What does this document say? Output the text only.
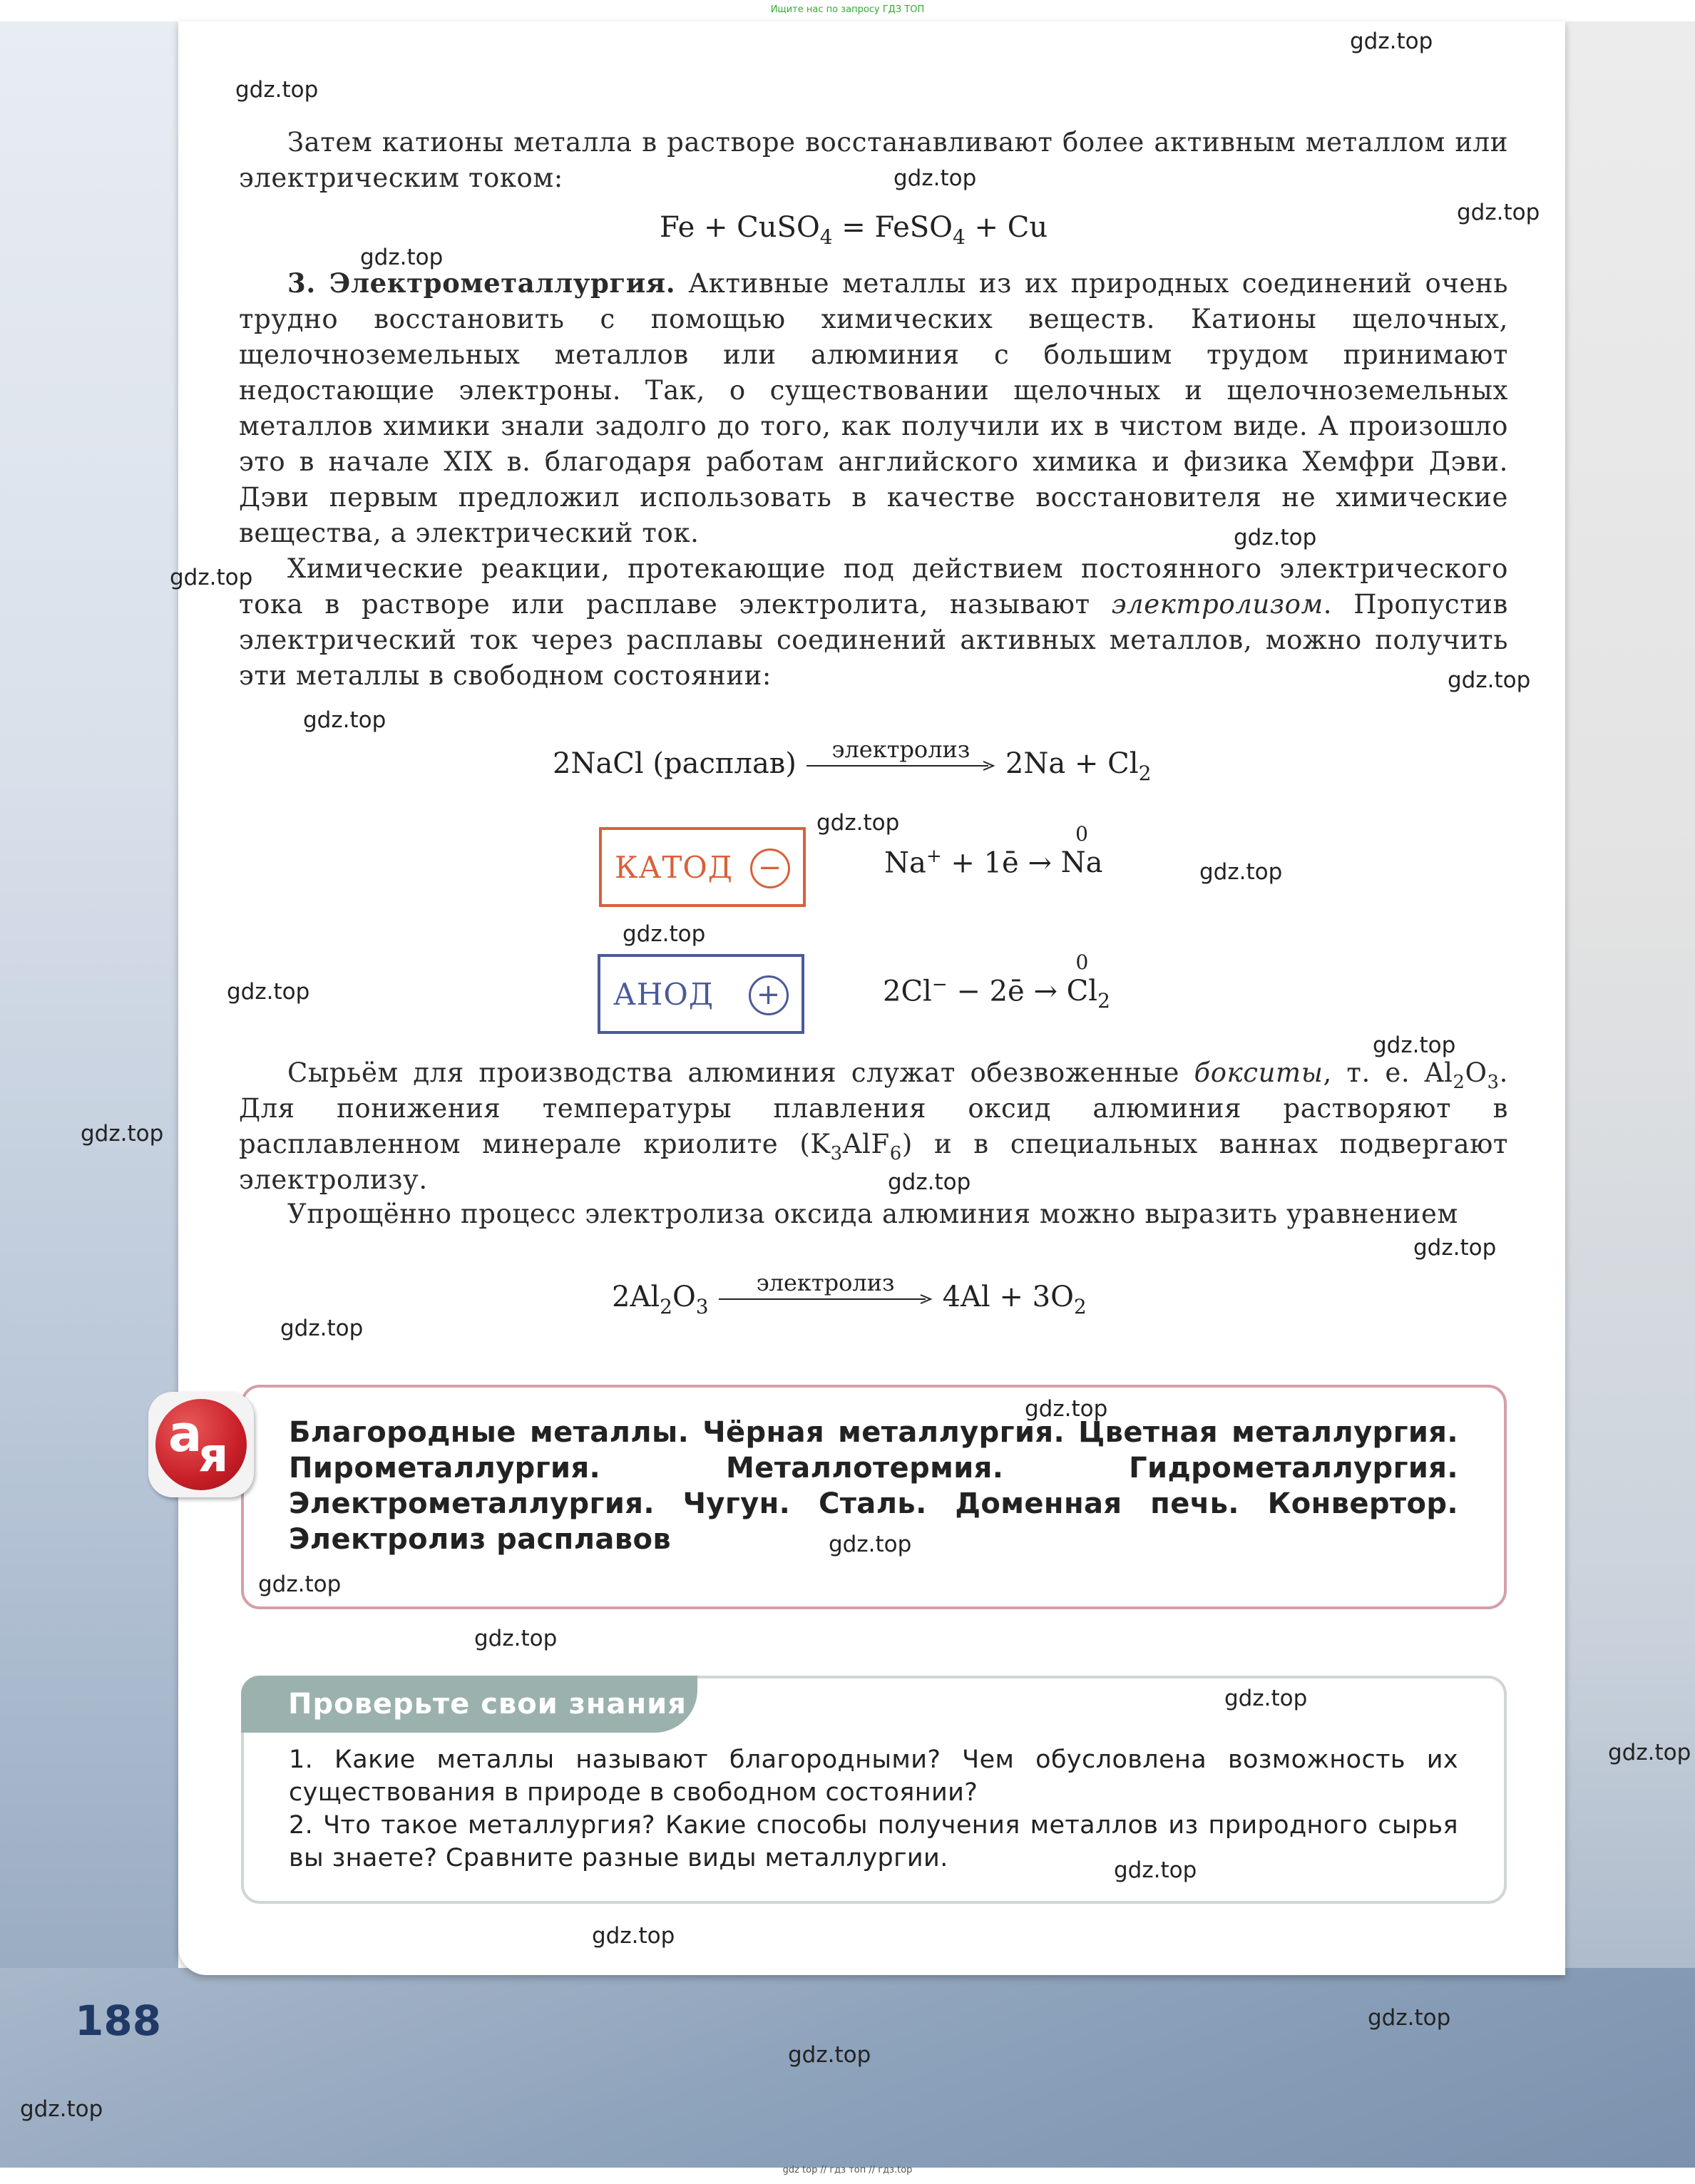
Ищите нас по запросу ГДЗ ТОП
gdz top // гдз топ // гдз.top

Затем катионы металла в растворе восстанавливают более активным металлом или электрическим током:

Fe + CuSO$_4$ = FeSO$_4$ + Cu

3. Электрометаллургия. Активные металлы из их природных соединений очень трудно восстановить с помощью химических веществ. Катионы щелочных, щелочноземельных металлов или алюминия с большим трудом принимают недостающие электроны. Так, о существовании щелочных и щелочноземельных металлов химики знали задолго до того, как получили их в чистом виде. А произошло это в начале XIX в. благодаря работам английского химика и физика Хемфри Дэви. Дэви первым предложил использовать в качестве восстановителя не химические вещества, а электрический ток.

Химические реакции, протекающие под действием постоянного электрического тока в растворе или расплаве электролита, называют электролизом. Пропустив электрический ток через расплавы соединений активных металлов, можно получить эти металлы в свободном состоянии:

2NaCl (расплав)	электролиз	$2Na + Cl_2$
КАТОД −	Na+ + 1ē →
0
Na
АНОД +	2Cl− − 2ē →
0
$Cl_2$

Сырьём для производства алюминия служат обезвоженные бокситы, т. е. $Al_2O_3$. Для понижения температуры плавления оксид алюминия растворяют в расплавленном минерале криолите $(K_3AlF_6)$ и в специальных ваннах подвергают электролизу.

Упрощённо процесс электролиза оксида алюминия можно выразить уравнением

$2Al_2O_3$
электролиз	$4Al + 3O_2$
а
я Благородные металлы. Чёрная металлургия. Цветная металлургия. Пирометаллургия. Металлотермия. Гидрометаллургия. Электрометаллургия. Чугун. Сталь. Доменная печь. Конвертор. Электролиз расплавов
Проверьте свои знания

1. Какие металлы называют благородными? Чем обусловлена возможность их существования в природе в свободном состоянии?

2. Что такое металлургия? Какие способы получения металлов из природного сырья вы знаете? Сравните разные виды металлургии.

188
gdz.top
gdz.top
gdz.top
gdz.top
gdz.top
gdz.top
gdz.top
gdz.top
gdz.top
gdz.top
gdz.top
gdz.top
gdz.top
gdz.top
gdz.top
gdz.top
gdz.top
gdz.top
gdz.top
gdz.top
gdz.top
gdz.top
gdz.top
gdz.top
gdz.top
gdz.top
gdz.top
gdz.top
gdz.top
